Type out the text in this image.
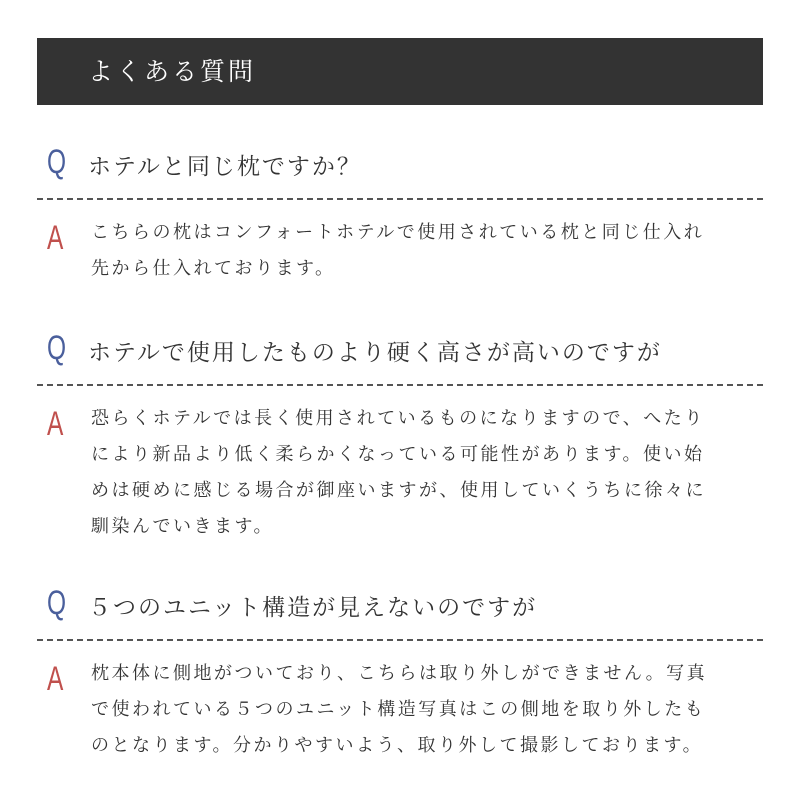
よくある質問
Q ホテルと同じ枕ですか？
A こちらの枕はコンフォートホテルで使用されている枕と同じ仕入れ
先から仕入れております。
Q ホテルで使用したものより硬く高さが高いのですが
A 恐らくホテルでは長く使用されているものになりますので、へたり
により新品より低く柔らかくなっている可能性があります。使い始
めは硬めに感じる場合が御座いますが、使用していくうちに徐々に
馴染んでいきます。
Q ５つのユニット構造が見えないのですが
A 枕本体に側地がついており、こちらは取り外しができません。写真
で使われている５つのユニット構造写真はこの側地を取り外したも
のとなります。分かりやすいよう、取り外して撮影しております。
